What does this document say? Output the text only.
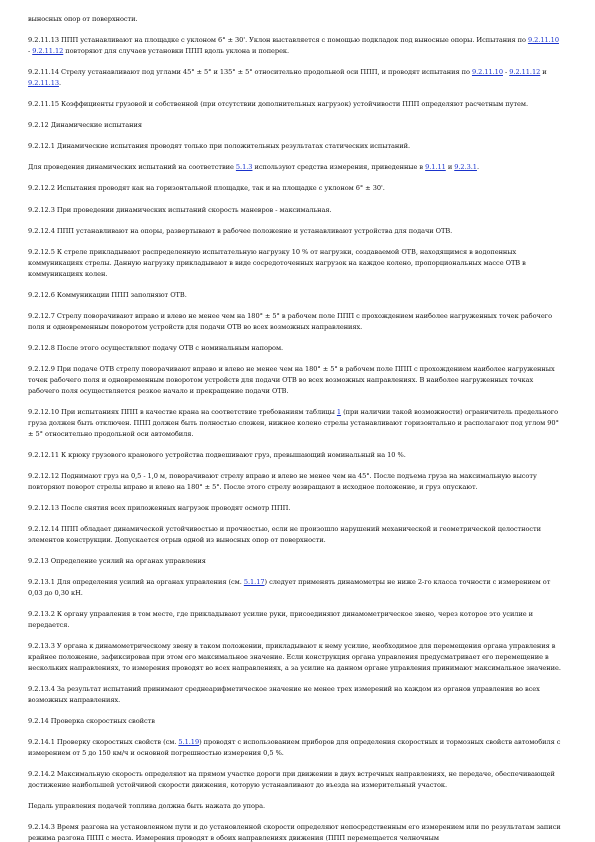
выносных опор от поверхности.

9.2.11.13 ППП устанавливают на площадке с уклоном 6° ± 30'. Уклон выставляется с помощью подкладок под выносные опоры. Испытания по 9.2.11.10 - 9.2.11.12 повторяют для случаев установки ППП вдоль уклона и поперек.

9.2.11.14 Стрелу устанавливают под углами 45° ± 5° и 135° ± 5° относительно продольной оси ППП, и проводят испытания по 9.2.11.10 - 9.2.11.12 и 9.2.11.13.

9.2.11.15 Коэффициенты грузовой и собственной (при отсутствии дополнительных нагрузок) устойчивости ППП определяют расчетным путем.

9.2.12 Динамические испытания

9.2.12.1 Динамические испытания проводят только при положительных результатах статических испытаний.

Для проведения динамических испытаний на соответствие 5.1.3 используют средства измерения, приведенные в 9.1.11 и 9.2.3.1.

9.2.12.2 Испытания проводят как на горизонтальной площадке, так и на площадке с уклоном 6° ± 30'.

9.2.12.3 При проведении динамических испытаний скорость маневров - максимальная.

9.2.12.4 ППП устанавливают на опоры, развертывают в рабочее положение и устанавливают устройства для подачи ОТВ.

9.2.12.5 К стреле прикладывают распределенную испытательную нагрузку 10 % от нагрузки, создаваемой ОТВ, находящимся в водопенных коммуникациях стрелы. Данную нагрузку прикладывают в виде сосредоточенных нагрузок на каждое колено, пропорциональных массе ОТВ в коммуникациях колен.

9.2.12.6 Коммуникации ППП заполняют ОТВ.

9.2.12.7 Стрелу поворачивают вправо и влево не менее чем на 180° ± 5° в рабочем поле ППП с прохождением наиболее нагруженных точек рабочего поля и одновременным поворотом устройств для подачи ОТВ во всех возможных направлениях.

9.2.12.8 После этого осуществляют подачу ОТВ с номинальным напором.

9.2.12.9 При подаче ОТВ стрелу поворачивают вправо и влево не менее чем на 180° ± 5° в рабочем поле ППП с прохождением наиболее нагруженных точек рабочего поля и одновременным поворотом устройств для подачи ОТВ во всех возможных направлениях. В наиболее нагруженных точках рабочего поля осуществляется резкое начало и прекращение подачи ОТВ.

9.2.12.10 При испытаниях ППП в качестве крана на соответствие требованиям таблицы 1 (при наличии такой возможности) ограничитель предельного груза должен быть отключен. ППП должен быть полностью сложен, нижнее колено стрелы устанавливают горизонтально и располагают под углом 90° ± 5° относительно продольной оси автомобиля.

9.2.12.11 К крюку грузового кранового устройства подвешивают груз, превышающий номинальный на 10 %.

9.2.12.12 Поднимают груз на 0,5 - 1,0 м, поворачивают стрелу вправо и влево не менее чем на 45°. После подъема груза на максимальную высоту повторяют поворот стрелы вправо и влево на 180° ± 5°. После этого стрелу возвращают в исходное положение, и груз опускают.

9.2.12.13 После снятия всех приложенных нагрузок проводят осмотр ППП.

9.2.12.14 ППП обладает динамической устойчивостью и прочностью, если не произошло нарушений механической и геометрической целостности элементов конструкции. Допускается отрыв одной из выносных опор от поверхности.

9.2.13 Определение усилий на органах управления

9.2.13.1 Для определения усилий на органах управления (см. 5.1.17) следует применять динамометры не ниже 2-го класса точности с измерением от 0,03 до 0,30 кН.

9.2.13.2 К органу управления в том месте, где прикладывают усилие руки, присоединяют динамометрическое звено, через которое это усилие и передается.

9.2.13.3 У органа к динамометрическому звену в таком положении, прикладывают к нему усилие, необходимое для перемещения органа управления в крайнее положение, зафиксировав при этом его максимальное значение. Если конструкция органа управления предусматривает его перемещение в нескольких направлениях, то измерения проводят во всех направлениях, а за усилие на данном органе управления принимают максимальное значение.

9.2.13.4 За результат испытаний принимают среднеарифметическое значение не менее трех измерений на каждом из органов управления во всех возможных направлениях.

9.2.14 Проверка скоростных свойств

9.2.14.1 Проверку скоростных свойств (см. 5.1.19) проводят с использованием приборов для определения скоростных и тормозных свойств автомобиля с измерением от 5 до 150 км/ч и основной погрешностью измерения 0,5 %.

9.2.14.2 Максимальную скорость определяют на прямом участке дороги при движении в двух встречных направлениях, не передаче, обеспечивающей достижение наибольшей устойчивой скорости движения, которую устанавливают до въезда на измерительный участок.

Педаль управления подачей топлива должна быть нажата до упора.

9.2.14.3 Время разгона на установленном пути и до установленной скорости определяют непосредственным его измерением или по результатам записи режима разгона ППП с места. Измерения проводят в обоих направлениях движения (ППП перемещается челночным
